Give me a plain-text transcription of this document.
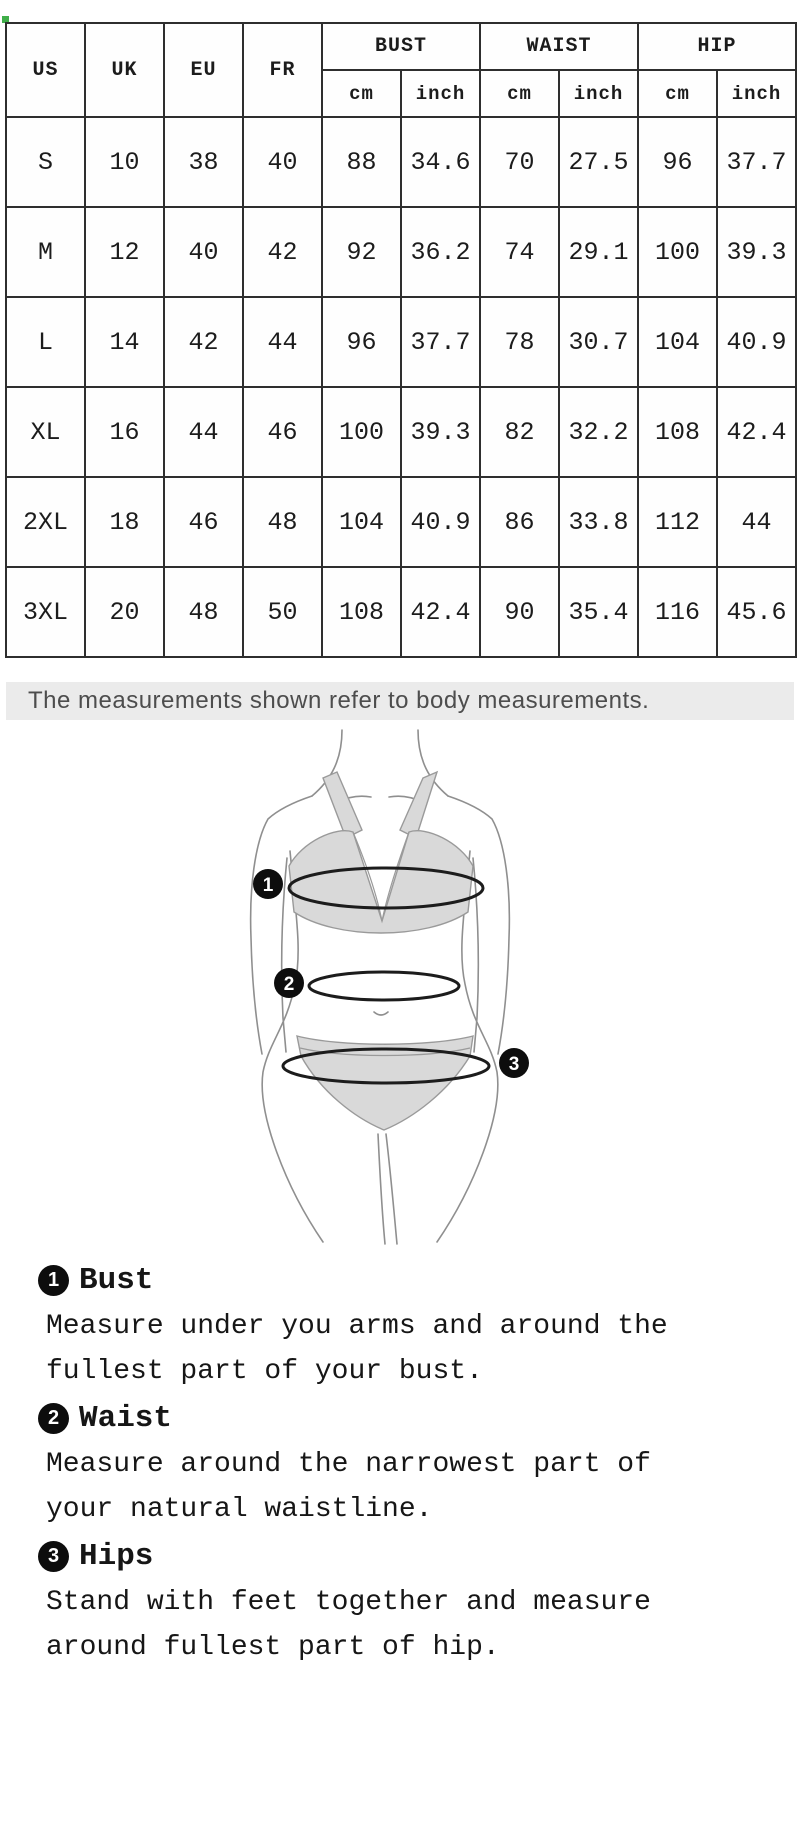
US	UK	EU	FR	BUST		WAIST		HIP	
				cm	inch	cm	inch	cm	inch
S	10	38	40	88	34.6	70	27.5	96	37.7
M	12	40	42	92	36.2	74	29.1	100	39.3
L	14	42	44	96	37.7	78	30.7	104	40.9
XL	16	44	46	100	39.3	82	32.2	108	42.4
2XL	18	46	48	104	40.9	86	33.8	112	44
3XL	20	48	50	108	42.4	90	35.4	116	45.6
The measurements shown refer to body measurements.
1
2
3
1 Bust
Measure under you arms and around the
fullest part of your bust.
2 Waist
Measure around the narrowest part of
your natural waistline.
3 Hips
Stand with feet together and measure
around fullest part of hip.
